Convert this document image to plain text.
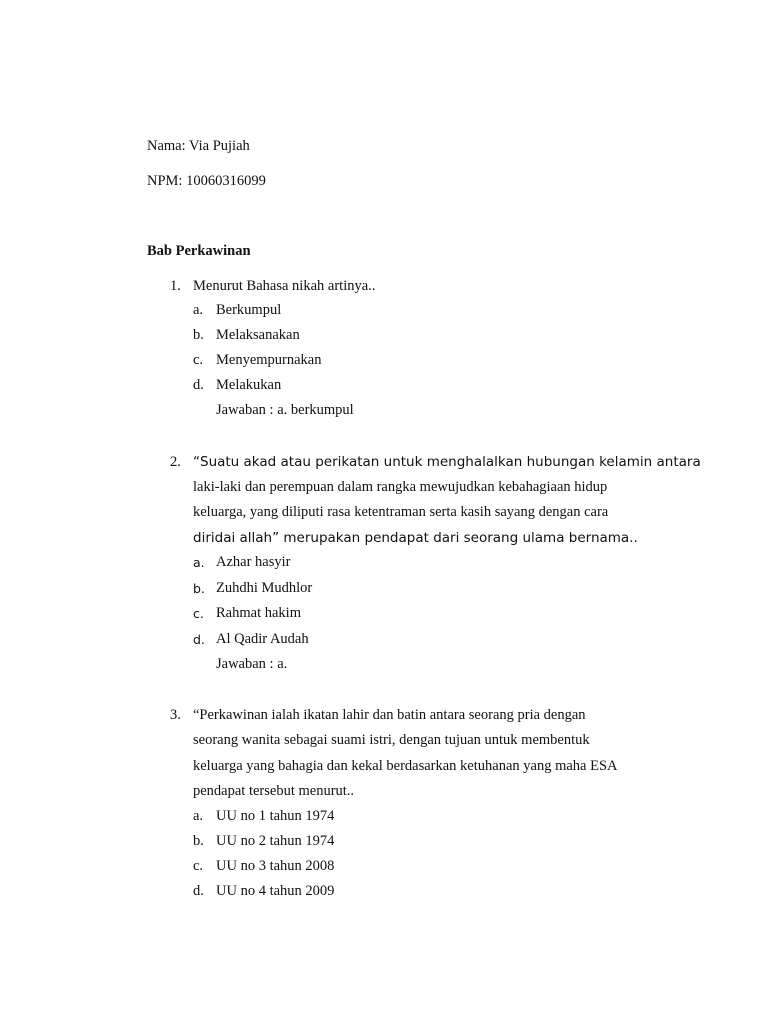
Nama: Via Pujiah
NPM: 10060316099
Bab Perkawinan
1. Menurut Bahasa nikah artinya..
a. Berkumpul
b. Melaksanakan
c. Menyempurnakan
d. Melakukan
Jawaban : a. berkumpul
2. “Suatu akad atau perikatan untuk menghalalkan hubungan kelamin antara
laki-laki dan perempuan dalam rangka mewujudkan kebahagiaan hidup
keluarga, yang diliputi rasa ketentraman serta kasih sayang dengan cara
diridai allah” merupakan pendapat dari seorang ulama bernama..
a. Azhar hasyir
b. Zuhdhi Mudhlor
c. Rahmat hakim
d. Al Qadir Audah
Jawaban : a.
3. “Perkawinan ialah ikatan lahir dan batin antara seorang pria dengan
seorang wanita sebagai suami istri, dengan tujuan untuk membentuk
keluarga yang bahagia dan kekal berdasarkan ketuhanan yang maha ESA
pendapat tersebut menurut..
a. UU no 1 tahun 1974
b. UU no 2 tahun 1974
c. UU no 3 tahun 2008
d. UU no 4 tahun 2009
